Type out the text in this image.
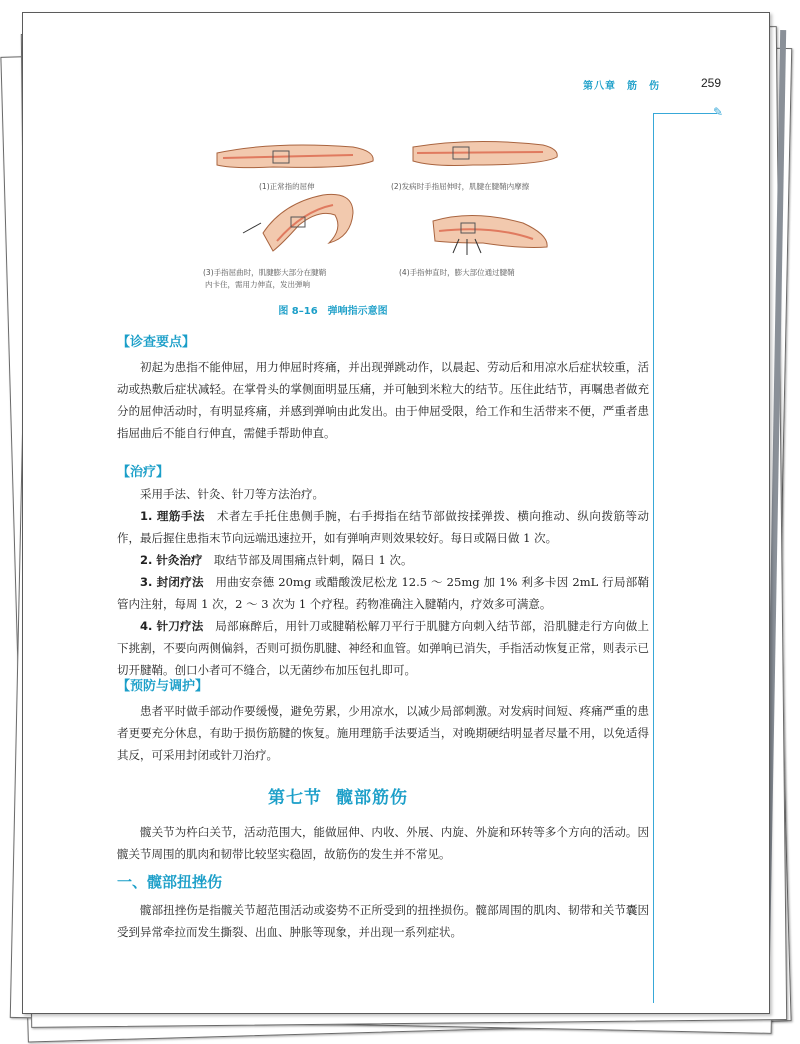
第八章　筋　伤	259
✎
(1)正常指的屈伸	(2)发病时手指屈伸时，肌腱在腱鞘内摩擦
(3)手指屈曲时，肌腱膨大部分在腱鞘
内卡住，需用力伸直，发出弹响
(4)手指伸直时，膨大部位通过腱鞘
图 8–16 弹响指示意图
【诊查要点】

初起为患指不能伸屈，用力伸屈时疼痛，并出现弹跳动作，以晨起、劳动后和用凉水后症状较重，活动或热敷后症状减轻。在掌骨头的掌侧面明显压痛，并可触到米粒大的结节。压住此结节，再嘱患者做充分的屈伸活动时，有明显疼痛，并感到弹响由此发出。由于伸屈受限，给工作和生活带来不便，严重者患指屈曲后不能自行伸直，需健手帮助伸直。

【治疗】

采用手法、针灸、针刀等方法治疗。

1. 理筋手法　术者左手托住患侧手腕，右手拇指在结节部做按揉弹拨、横向推动、纵向拨筋等动作，最后握住患指末节向远端迅速拉开，如有弹响声则效果较好。每日或隔日做 1 次。

2. 针灸治疗　取结节部及周围痛点针刺，隔日 1 次。

3. 封闭疗法　用曲安奈德 20mg 或醋酸泼尼松龙 12.5 ～ 25mg 加 1% 利多卡因 2mL 行局部鞘管内注射，每周 1 次，2 ～ 3 次为 1 个疗程。药物准确注入腱鞘内，疗效多可满意。

4. 针刀疗法　局部麻醉后，用针刀或腱鞘松解刀平行于肌腱方向刺入结节部，沿肌腱走行方向做上下挑割，不要向两侧偏斜，否则可损伤肌腱、神经和血管。如弹响已消失，手指活动恢复正常，则表示已切开腱鞘。创口小者可不缝合，以无菌纱布加压包扎即可。

【预防与调护】

患者平时做手部动作要缓慢，避免劳累，少用凉水，以减少局部刺激。对发病时间短、疼痛严重的患者更要充分休息，有助于损伤筋腱的恢复。施用理筋手法要适当，对晚期硬结明显者尽量不用，以免适得其反，可采用封闭或针刀治疗。

第七节 髋部筋伤

髋关节为杵臼关节，活动范围大，能做屈伸、内收、外展、内旋、外旋和环转等多个方向的活动。因髋关节周围的肌肉和韧带比较坚实稳固，故筋伤的发生并不常见。

一、髋部扭挫伤

髋部扭挫伤是指髋关节超范围活动或姿势不正所受到的扭挫损伤。髋部周围的肌肉、韧带和关节囊因受到异常牵拉而发生撕裂、出血、肿胀等现象，并出现一系列症状。
